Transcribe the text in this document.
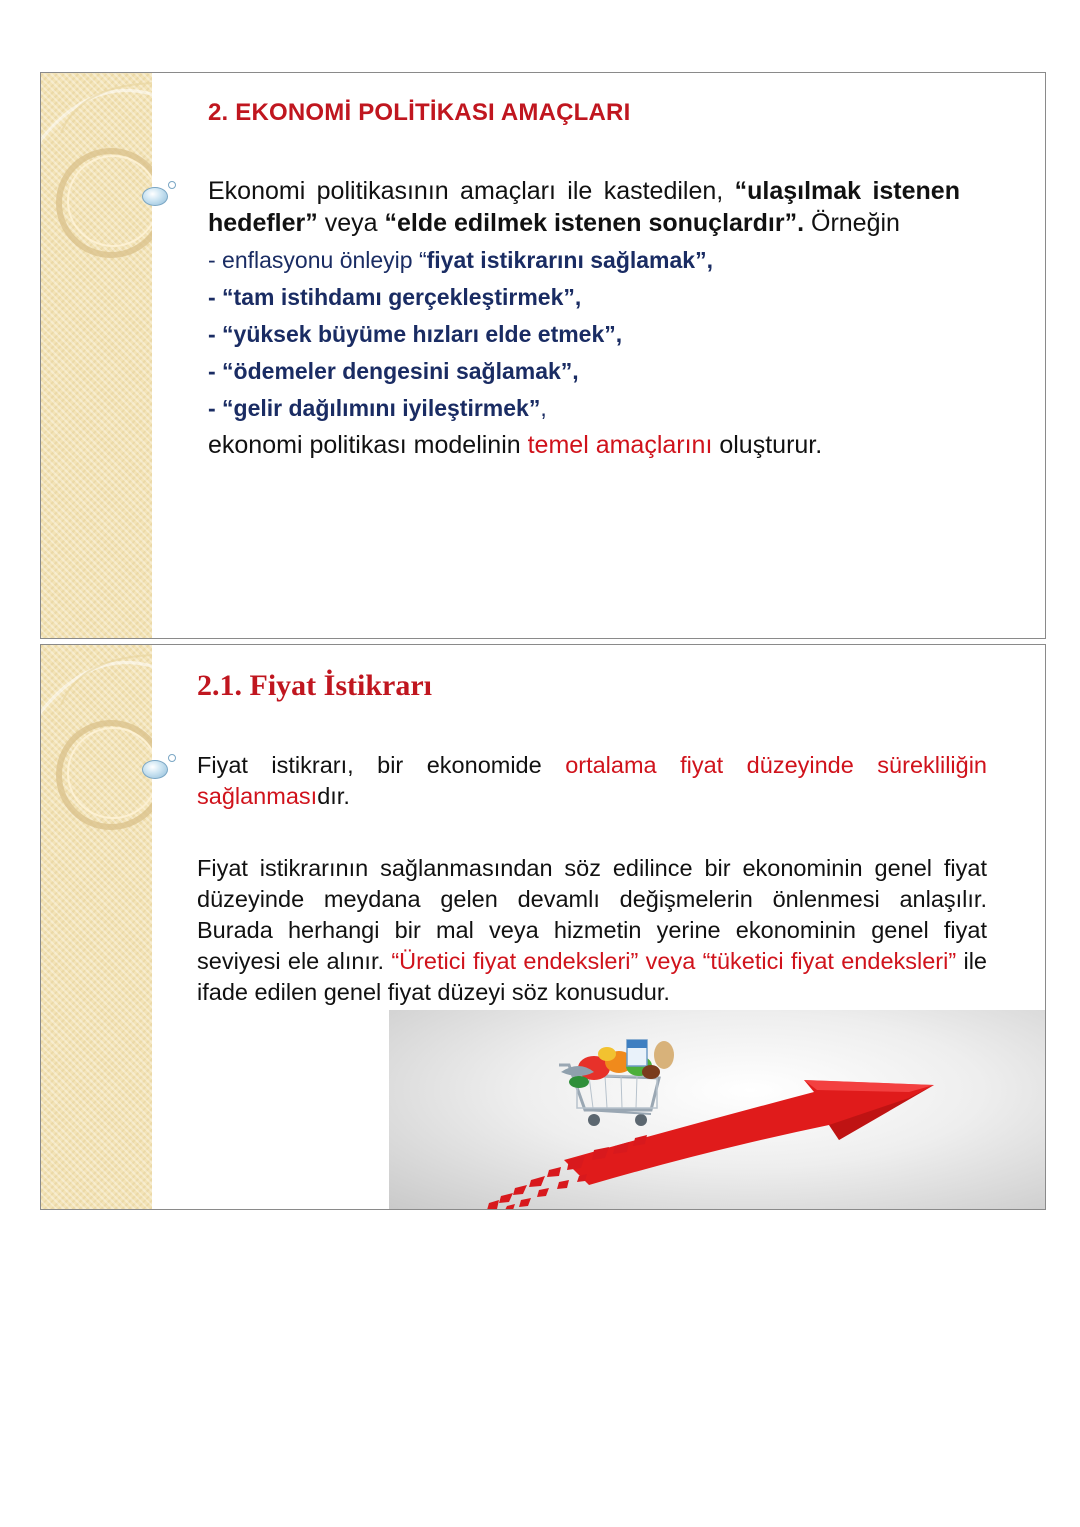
2. EKONOMİ POLİTİKASI AMAÇLARI
Ekonomi politikasının amaçları ile kastedilen, “ulaşılmak istenen hedefler” veya “elde edilmek istenen sonuçlardır”. Örneğin
- enflasyonu önleyip “fiyat istikrarını sağlamak”,
- “tam istihdamı gerçekleştirmek”,
- “yüksek büyüme hızları elde etmek”,
- “ödemeler dengesini sağlamak”,
- “gelir dağılımını iyileştirmek”,
ekonomi politikası modelinin temel amaçlarını oluşturur.
2.1. Fiyat İstikrarı
Fiyat istikrarı, bir ekonomide ortalama fiyat düzeyinde sürekliliğin sağlanmasıdır.
Fiyat istikrarının sağlanmasından söz edilince bir ekonominin genel fiyat düzeyinde meydana gelen devamlı değişmelerin önlenmesi anlaşılır. Burada herhangi bir mal veya hizmetin yerine ekonominin genel fiyat seviyesi ele alınır. “Üretici fiyat endeksleri” veya “tüketici fiyat endeksleri” ile ifade edilen genel fiyat düzeyi söz konusudur.
